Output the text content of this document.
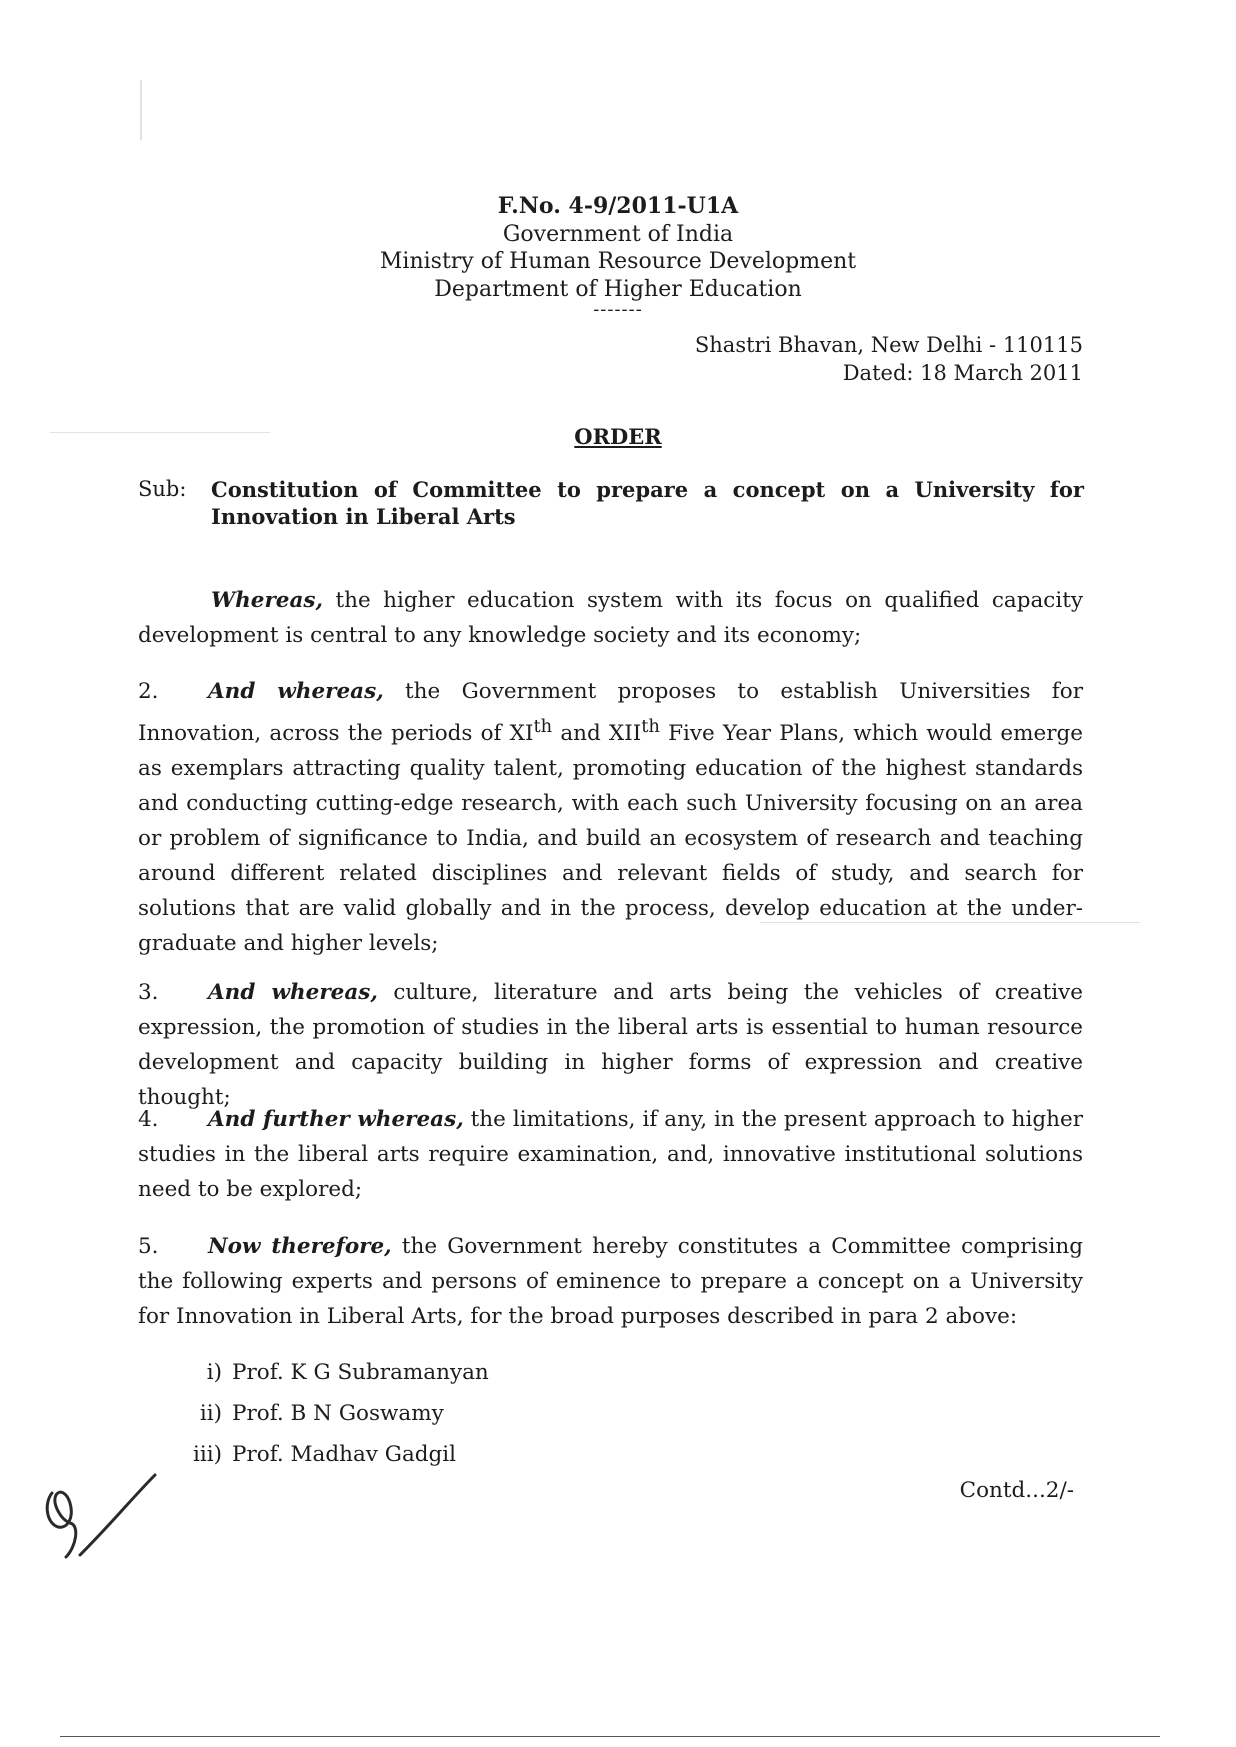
F.No. 4-9/2011-U1A
Government of India
Ministry of Human Resource Development
Department of Higher Education
-------
Shastri Bhavan, New Delhi - 110115
Dated: 18 March 2011
ORDER
Sub: Constitution of Committee to prepare a concept on a University for Innovation in Liberal Arts

Whereas, the higher education system with its focus on qualified capacity development is central to any knowledge society and its economy;

2. And whereas, the Government proposes to establish Universities for Innovation, across the periods of XIth and XIIth Five Year Plans, which would emerge as exemplars attracting quality talent, promoting education of the highest standards and conducting cutting-edge research, with each such University focusing on an area or problem of significance to India, and build an ecosystem of research and teaching around different related disciplines and relevant fields of study, and search for solutions that are valid globally and in the process, develop education at the under-graduate and higher levels;

3. And whereas, culture, literature and arts being the vehicles of creative expression, the promotion of studies in the liberal arts is essential to human resource development and capacity building in higher forms of expression and creative thought;

4. And further whereas, the limitations, if any, in the present approach to higher studies in the liberal arts require examination, and, innovative institutional solutions need to be explored;

5. Now therefore, the Government hereby constitutes a Committee comprising the following experts and persons of eminence to prepare a concept on a University for Innovation in Liberal Arts, for the broad purposes described in para 2 above:

i) Prof. K G Subramanyan
ii) Prof. B N Goswamy
iii) Prof. Madhav Gadgil
Contd...2/-
